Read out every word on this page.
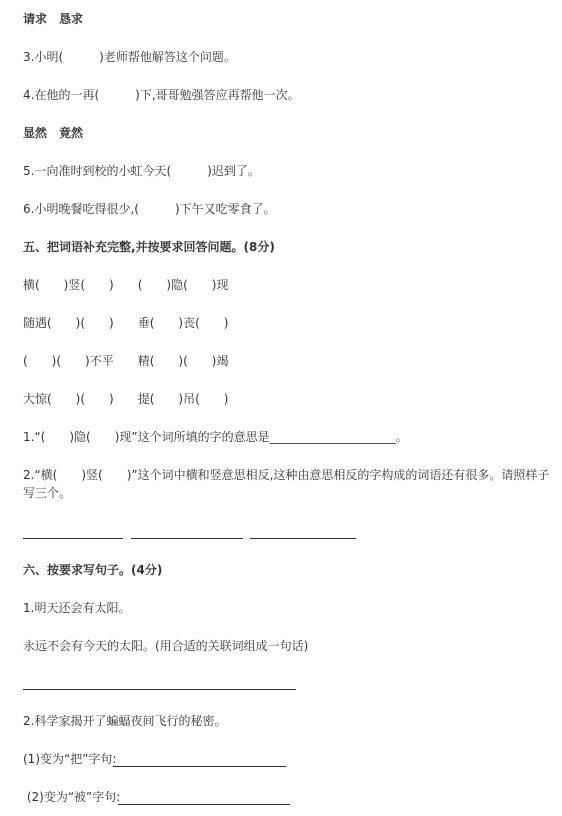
请求　恳求
3.小明(　　　)老师帮他解答这个问题。
4.在他的一再(　　　)下,哥哥勉强答应再帮他一次。
显然　竟然
5.一向准时到校的小虹今天(　　　)迟到了。
6.小明晚餐吃得很少,(　　　)下午又吃零食了。
五、把词语补充完整,并按要求回答问题。(8分)
横(　　)竖(　　)　　(　　)隐(　　)现
随遇(　　)(　　)　　垂(　　)丧(　　)
(　　)(　　)不平　　精(　　)(　　)竭
大惊(　　)(　　)　　提(　　)吊(　　)
1.“(　　)隐(　　)现”这个词所填的字的意思是_____________________。
2.“横(　　)竖(　　)”这个词中横和竖意思相反,这种由意思相反的字构成的词语还有很多。请照样子写三个。
六、按要求写句子。(4分)
1.明天还会有太阳。
永远不会有今天的太阳。(用合适的关联词组成一句话)
2.科学家揭开了蝙蝠夜间飞行的秘密。
(1)变为“把”字句:
(2)变为“被”字句:
